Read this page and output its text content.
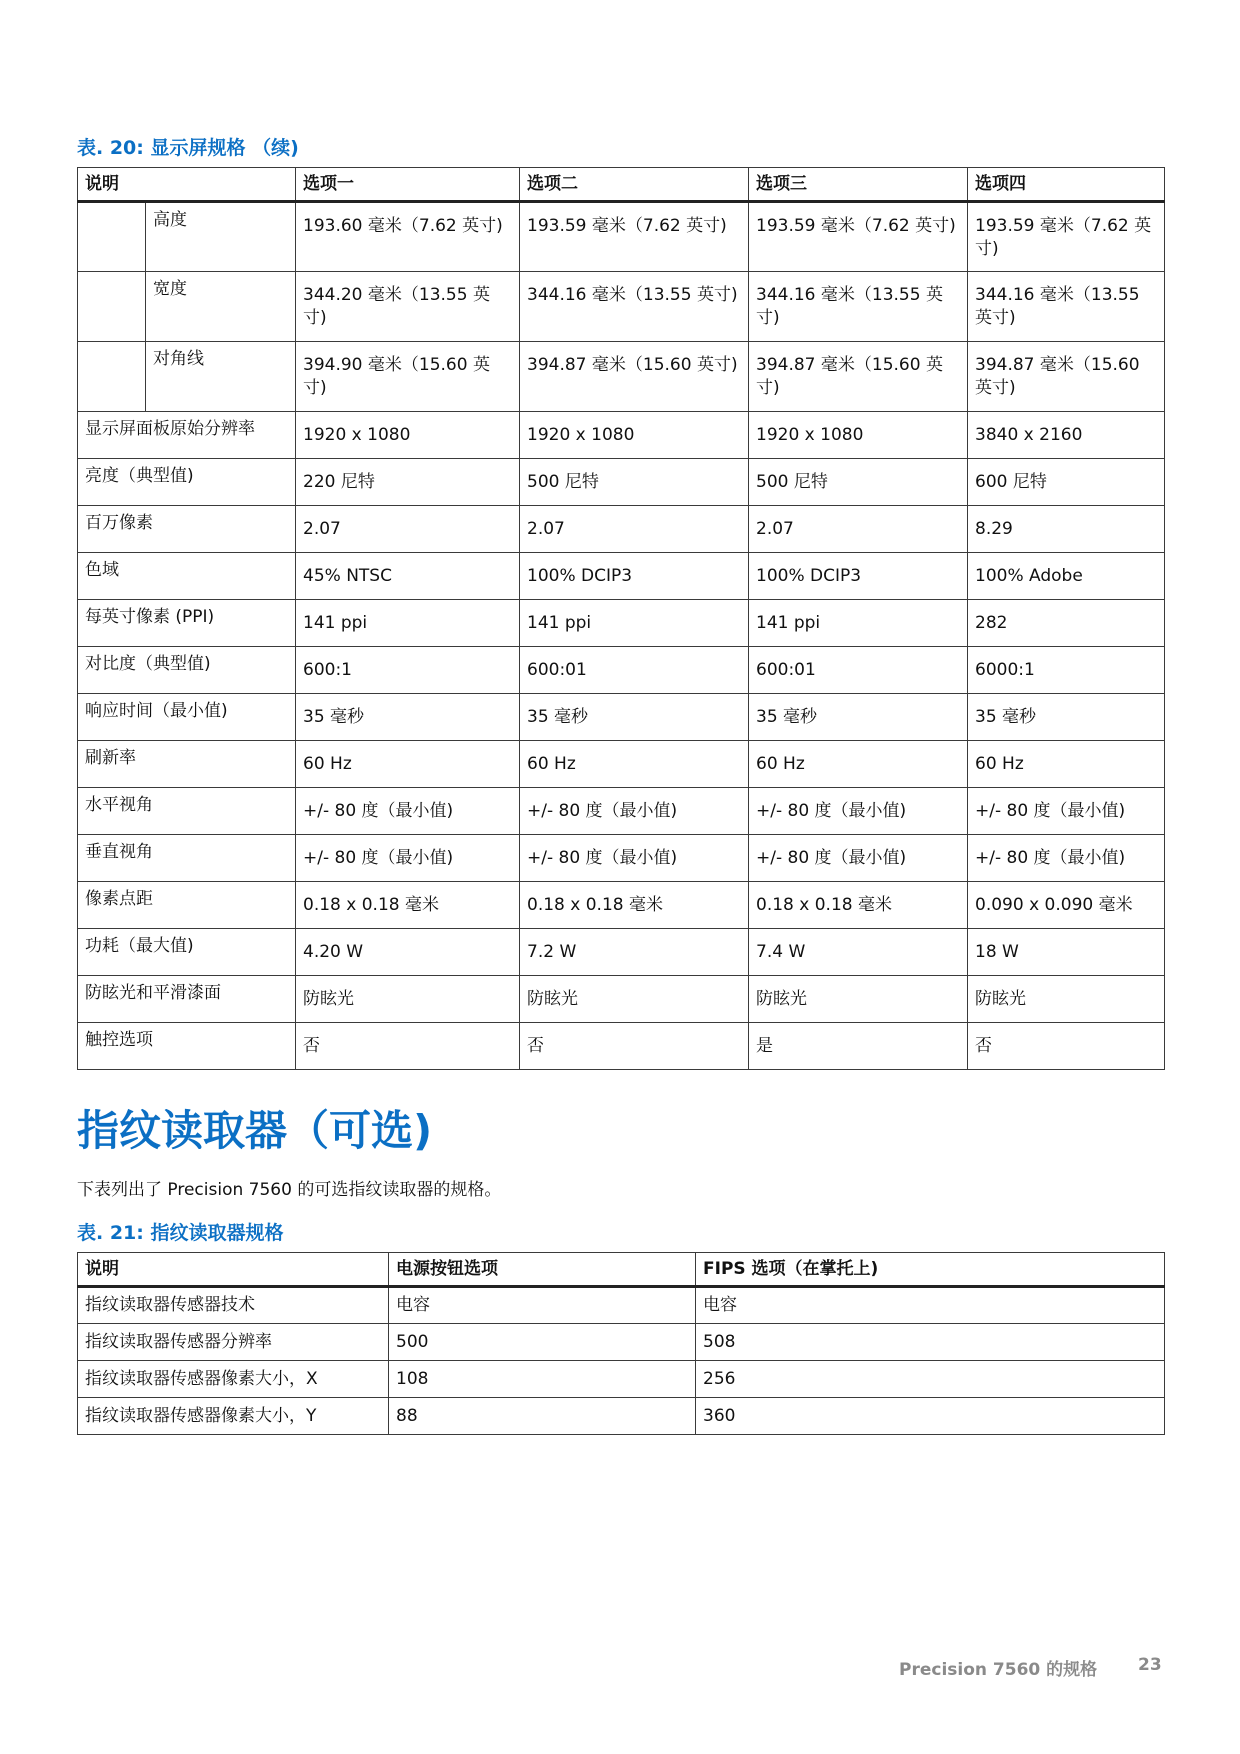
表. 20: 显示屏规格 （续)
说明		选项一	选项二	选项三	选项四
	高度	193.60 毫米（7.62 英寸)	193.59 毫米（7.62 英寸)	193.59 毫米（7.62 英寸)	193.59 毫米（7.62 英寸)
	宽度	344.20 毫米（13.55 英寸)	344.16 毫米（13.55 英寸)	344.16 毫米（13.55 英寸)	344.16 毫米（13.55 英寸)
	对角线	394.90 毫米（15.60 英寸)	394.87 毫米（15.60 英寸)	394.87 毫米（15.60 英寸)	394.87 毫米（15.60 英寸)
显示屏面板原始分辨率		1920 x 1080	1920 x 1080	1920 x 1080	3840 x 2160
亮度（典型值)		220 尼特	500 尼特	500 尼特	600 尼特
百万像素		2.07	2.07	2.07	8.29
色域		45% NTSC	100% DCIP3	100% DCIP3	100% Adobe
每英寸像素 (PPI)		141 ppi	141 ppi	141 ppi	282
对比度（典型值)		600:1	600:01	600:01	6000:1
响应时间（最小值)		35 毫秒	35 毫秒	35 毫秒	35 毫秒
刷新率		60 Hz	60 Hz	60 Hz	60 Hz
水平视角		+/- 80 度（最小值)	+/- 80 度（最小值)	+/- 80 度（最小值)	+/- 80 度（最小值)
垂直视角		+/- 80 度（最小值)	+/- 80 度（最小值)	+/- 80 度（最小值)	+/- 80 度（最小值)
像素点距		0.18 x 0.18 毫米	0.18 x 0.18 毫米	0.18 x 0.18 毫米	0.090 x 0.090 毫米
功耗（最大值)		4.20 W	7.2 W	7.4 W	18 W
防眩光和平滑漆面		防眩光	防眩光	防眩光	防眩光
触控选项		否	否	是	否
指纹读取器（可选)
下表列出了 Precision 7560 的可选指纹读取器的规格。
表. 21: 指纹读取器规格
说明	电源按钮选项	FIPS 选项（在掌托上)
指纹读取器传感器技术	电容	电容
指纹读取器传感器分辨率	500	508
指纹读取器传感器像素大小，X	108	256
指纹读取器传感器像素大小，Y	88	360
Precision 7560 的规格 23
